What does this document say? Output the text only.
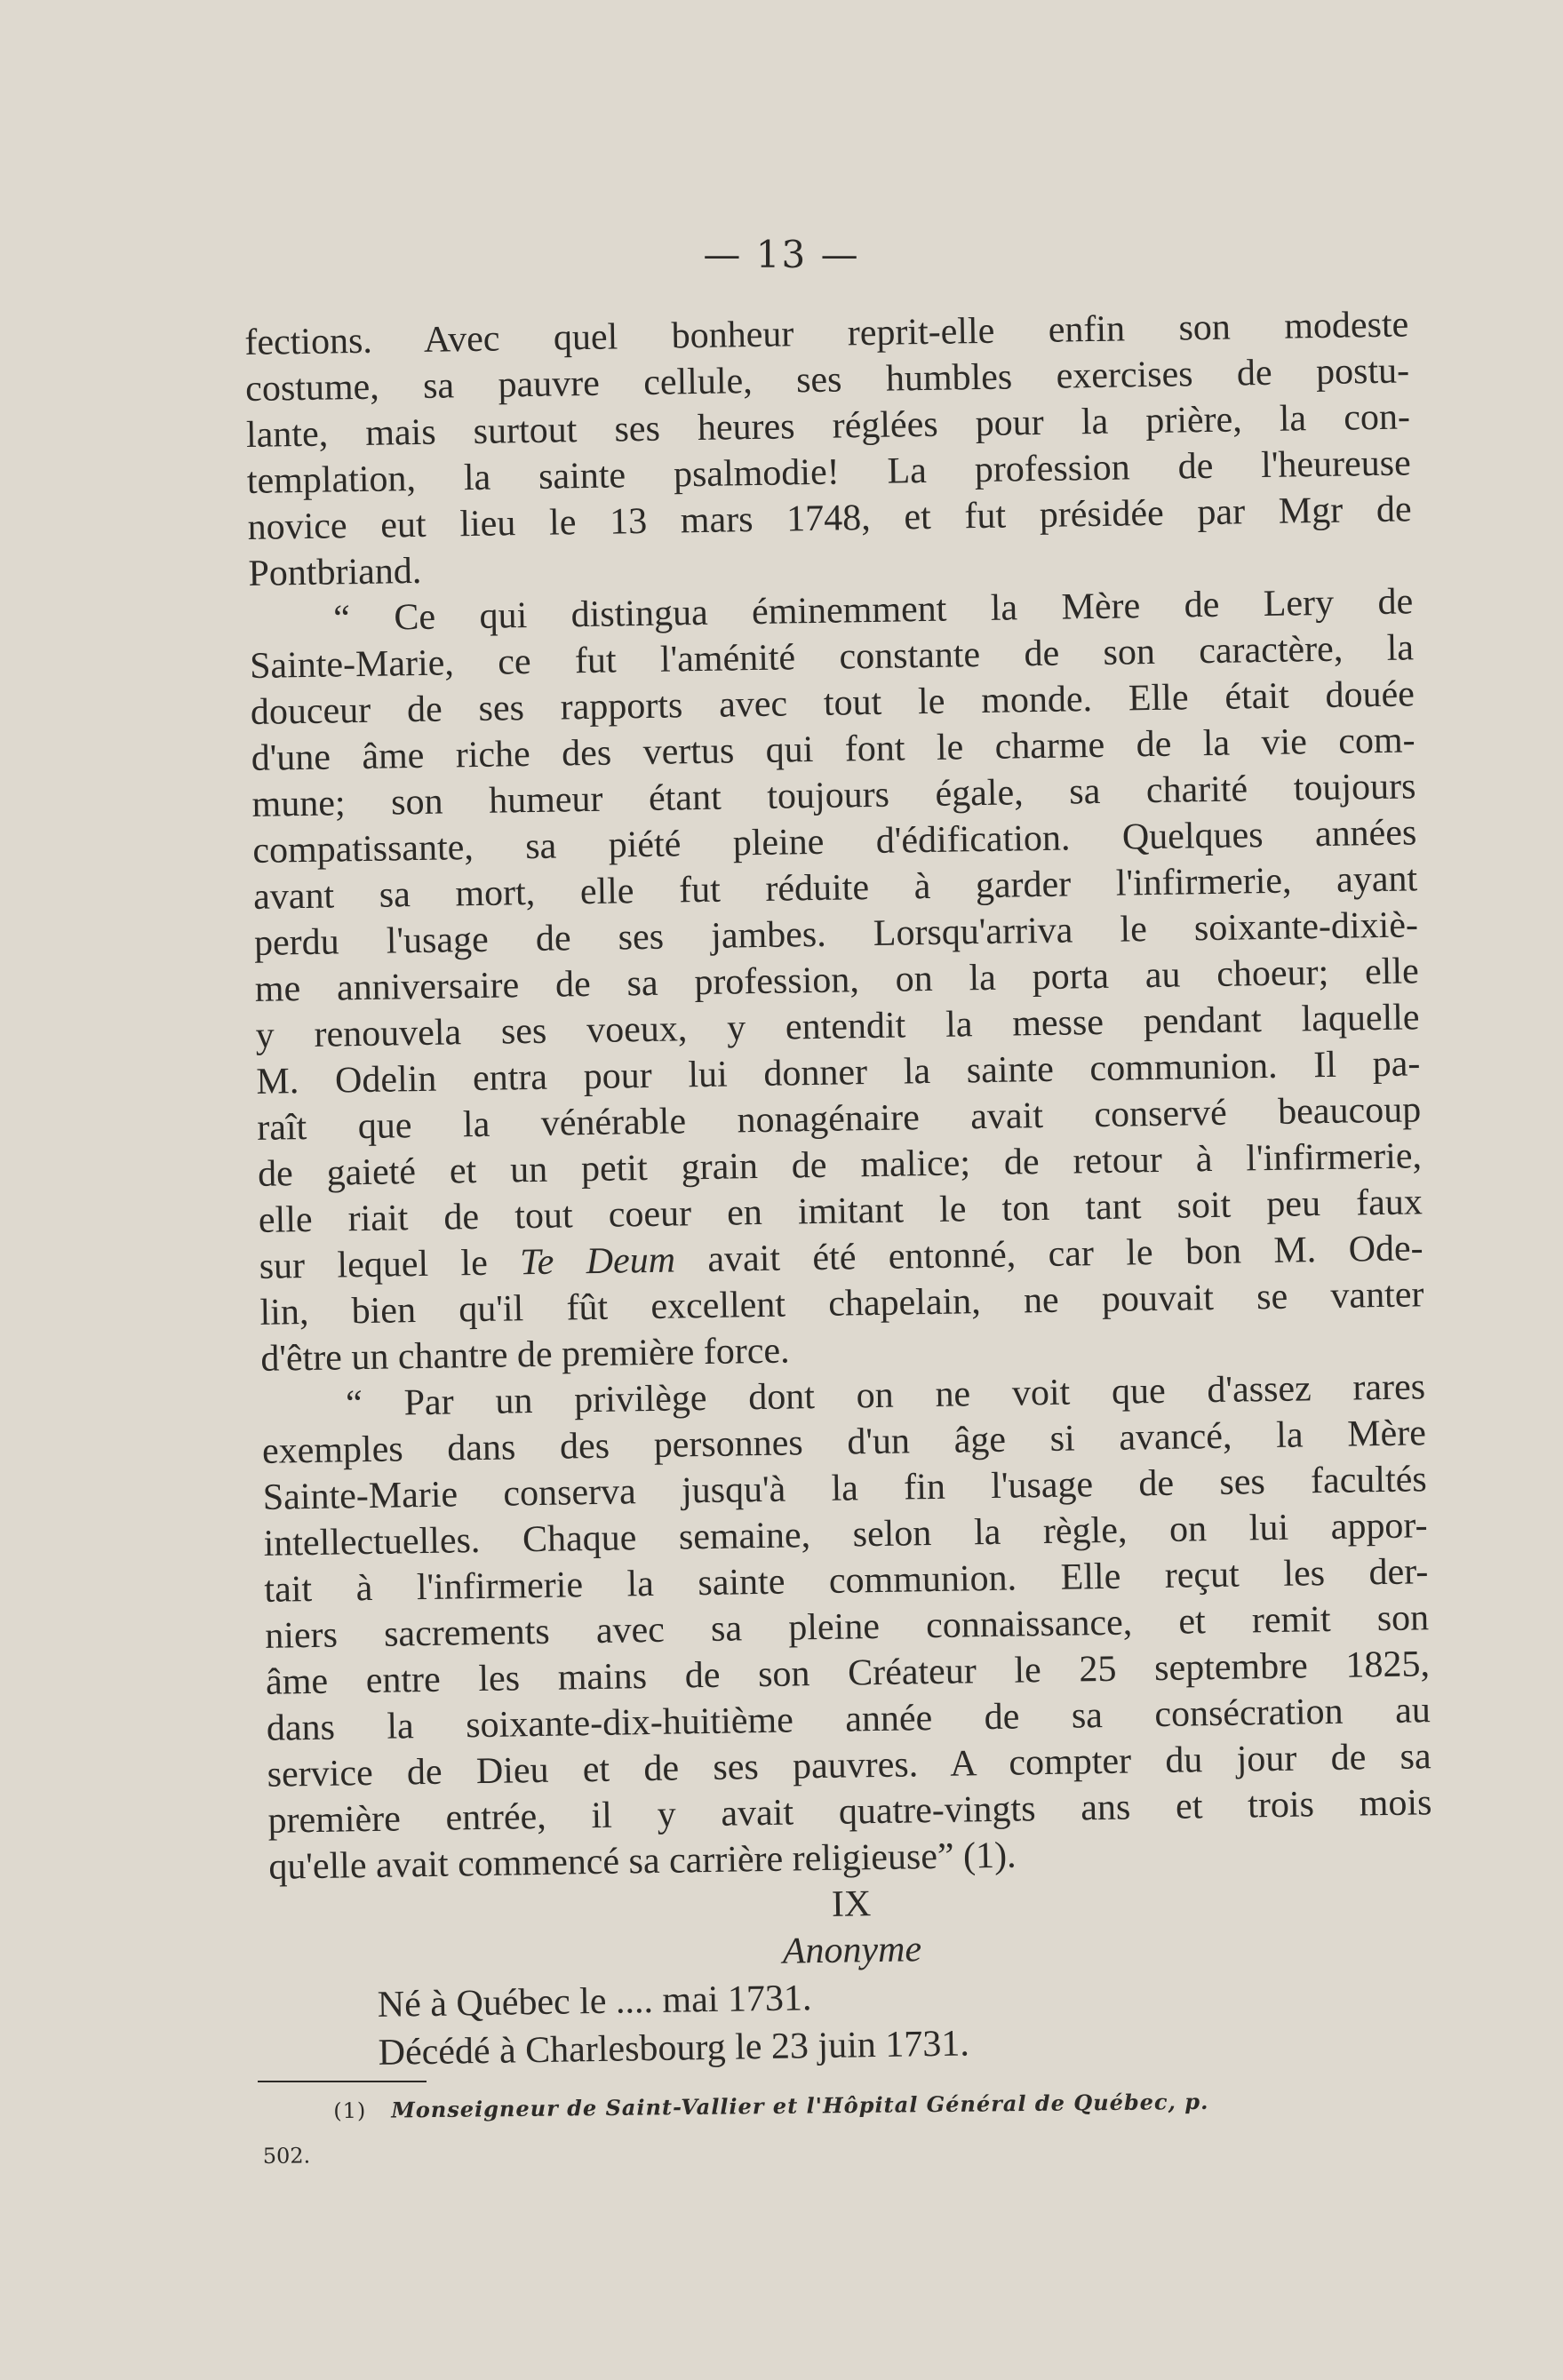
— 13 —
fections. Avec quel bonheur reprit-elle enfin son modeste
costume, sa pauvre cellule, ses humbles exercises de postu-
lante, mais surtout ses heures réglées pour la prière, la con-
templation, la sainte psalmodie! La profession de l'heureuse
novice eut lieu le 13 mars 1748, et fut présidée par Mgr de
Pontbriand.
“ Ce qui distingua éminemment la Mère de Lery de
Sainte-Marie, ce fut l'aménité constante de son caractère, la
douceur de ses rapports avec tout le monde. Elle était douée
d'une âme riche des vertus qui font le charme de la vie com-
mune; son humeur étant toujours égale, sa charité toujours
compatissante, sa piété pleine d'édification. Quelques années
avant sa mort, elle fut réduite à garder l'infirmerie, ayant
perdu l'usage de ses jambes. Lorsqu'arriva le soixante-dixiè-
me anniversaire de sa profession, on la porta au choeur; elle
y renouvela ses voeux, y entendit la messe pendant laquelle
M. Odelin entra pour lui donner la sainte communion. Il pa-
raît que la vénérable nonagénaire avait conservé beaucoup
de gaieté et un petit grain de malice; de retour à l'infirmerie,
elle riait de tout coeur en imitant le ton tant soit peu faux
sur lequel le Te Deum avait été entonné, car le bon M. Ode-
lin, bien qu'il fût excellent chapelain, ne pouvait se vanter
d'être un chantre de première force.
“ Par un privilège dont on ne voit que d'assez rares
exemples dans des personnes d'un âge si avancé, la Mère
Sainte-Marie conserva jusqu'à la fin l'usage de ses facultés
intellectuelles. Chaque semaine, selon la règle, on lui appor-
tait à l'infirmerie la sainte communion. Elle reçut les der-
niers sacrements avec sa pleine connaissance, et remit son
âme entre les mains de son Créateur le 25 septembre 1825,
dans la soixante-dix-huitième année de sa consécration au
service de Dieu et de ses pauvres. A compter du jour de sa
première entrée, il y avait quatre-vingts ans et trois mois
qu'elle avait commencé sa carrière religieuse” (1).
IX
Anonyme
Né à Québec le .... mai 1731.
Décédé à Charlesbourg le 23 juin 1731.
(1) Monseigneur de Saint-Vallier et l'Hôpital Général de Québec, p.
502.
